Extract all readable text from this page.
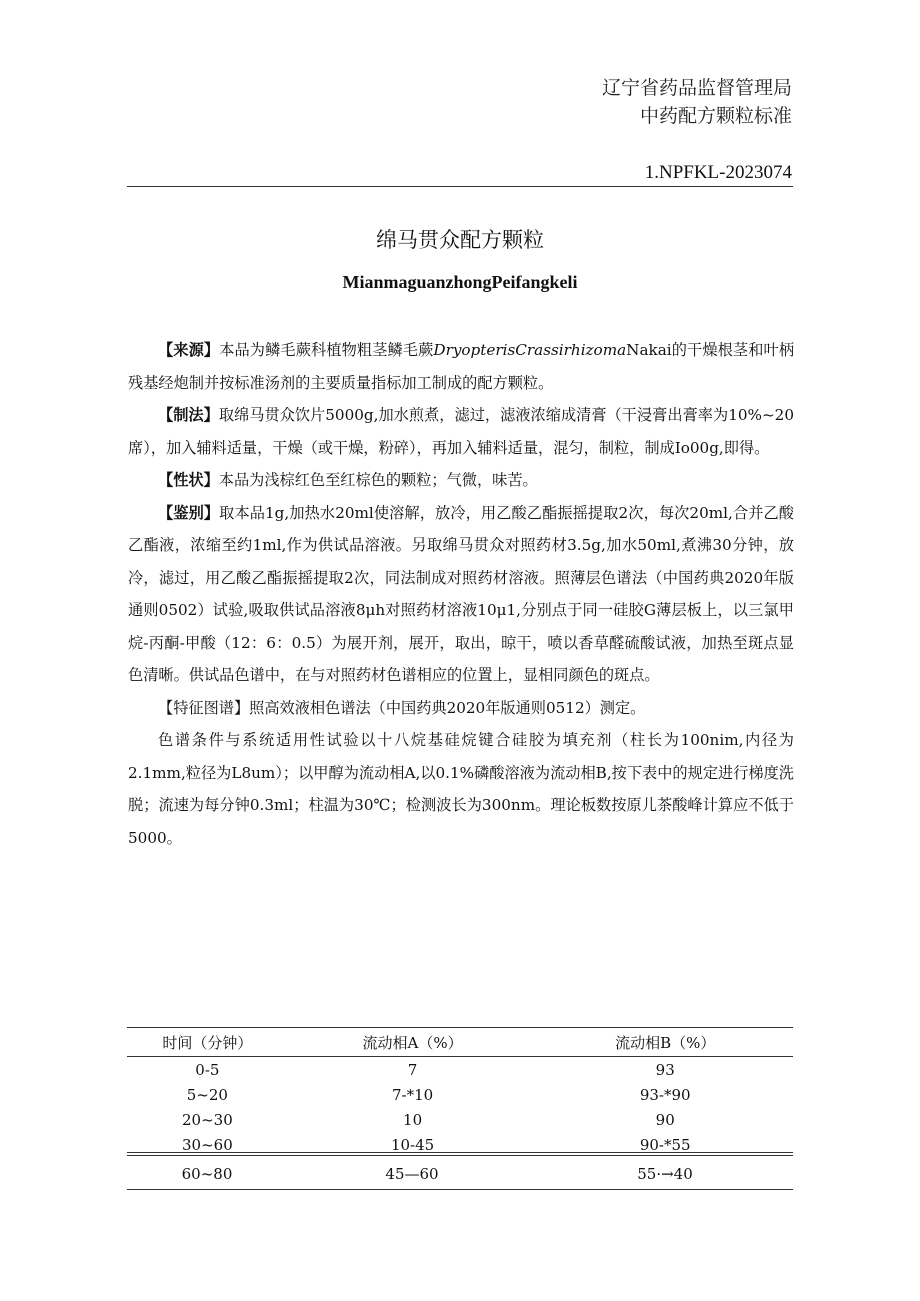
辽宁省药品监督管理局
中药配方颗粒标准
1.NPFKL-2023074
绵马贯众配方颗粒
MianmaguanzhongPeifangkeli

【来源】本品为鳞毛蕨科植物粗茎鳞毛蕨DryopterisCrassirhizomaNakai的干燥根茎和叶柄残基经炮制并按标准汤剂的主要质量指标加工制成的配方颗粒。

【制法】取绵马贯众饮片5000g,加水煎煮，滤过，滤液浓缩成清膏（干浸膏出膏率为10%~20席），加入辅料适量，干燥（或干燥，粉碎），再加入辅料适量，混匀，制粒，制成Io00g,即得。

【性状】本品为浅棕红色至红棕色的颗粒；气微，味苦。

【鉴别】取本品1g,加热水20ml使溶解，放冷，用乙酸乙酯振摇提取2次，每次20ml,合并乙酸乙酯液，浓缩至约1ml,作为供试品溶液。另取绵马贯众对照药材3.5g,加水50ml,煮沸30分钟，放冷，滤过，用乙酸乙酯振摇提取2次，同法制成对照药材溶液。照薄层色谱法（中国药典2020年版通则0502）试验,吸取供试品溶液8μh对照药材溶液10μ1,分别点于同一硅胶G薄层板上，以三氯甲烷-丙酮-甲酸（12：6：0.5）为展开剂，展开，取出，晾干，喷以香草醛硫酸试液，加热至斑点显色清晰。供试品色谱中，在与对照药材色谱相应的位置上，显相同颜色的斑点。

【特征图谱】照高效液相色谱法（中国药典2020年版通则0512）测定。

色谱条件与系统适用性试验以十八烷基硅烷键合硅胶为填充剂（柱长为100nim,内径为2.1mm,粒径为L8um）；以甲醇为流动相A,以0.1%磷酸溶液为流动相B,按下表中的规定进行梯度洗脱；流速为每分钟0.3ml；柱温为30℃；检测波长为300nm。理论板数按原儿茶酸峰计算应不低于5000。

时间（分钟）	流动相A（%）	流动相B（%）
0-5	7	93
5~20	7-*10	93-*90
20~30	10	90
30~60	10-45	90-*55
60~80	45—60	55·→40
